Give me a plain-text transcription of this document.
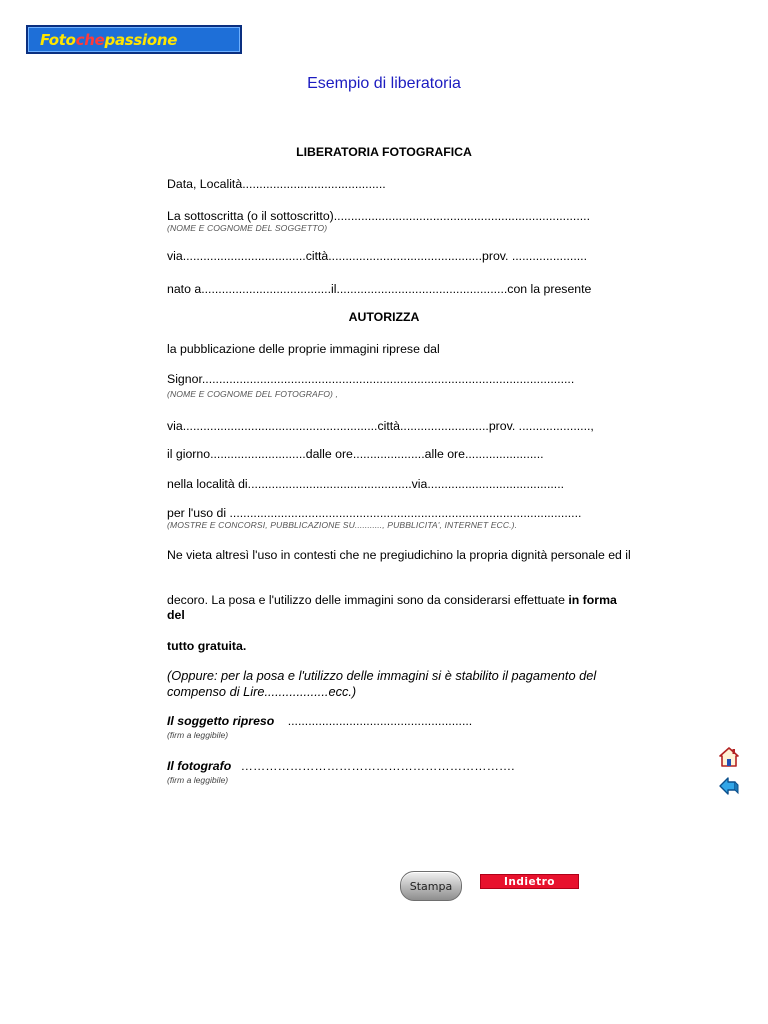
Foto che passione
Esempio di liberatoria
LIBERATORIA FOTOGRAFICA
Data, Località..........................................
La sottoscritta (o il sottoscritto)...........................................................................
(NOME E COGNOME DEL SOGGETTO)
via....................................città.............................................prov. ......................
nato a......................................il..................................................con la presente
AUTORIZZA
la pubblicazione delle proprie immagini riprese dal
Signor.............................................................................................................
(NOME E COGNOME DEL FOTOGRAFO) ,
via.........................................................città..........................prov. .....................,
il giorno............................dalle ore.....................alle ore.......................
nella località di................................................via........................................
per l'uso di .......................................................................................................
(MOSTRE E CONCORSI, PUBBLICAZIONE SU..........., PUBBLICITA', INTERNET ECC.).
Ne vieta altresì l'uso in contesti che ne pregiudichino la propria dignità personale ed il
decoro. La posa e l'utilizzo delle immagini sono da considerarsi effettuate in forma del
tutto gratuita.
(Oppure: per la posa e l'utilizzo delle immagini si è stabilito il pagamento del compenso di Lire..................ecc.)
Il soggetto ripreso ......................................................
(firm a leggibile)
Il fotografo ………………………………………………………….
(firm a leggibile)
Stampa	Indietro
